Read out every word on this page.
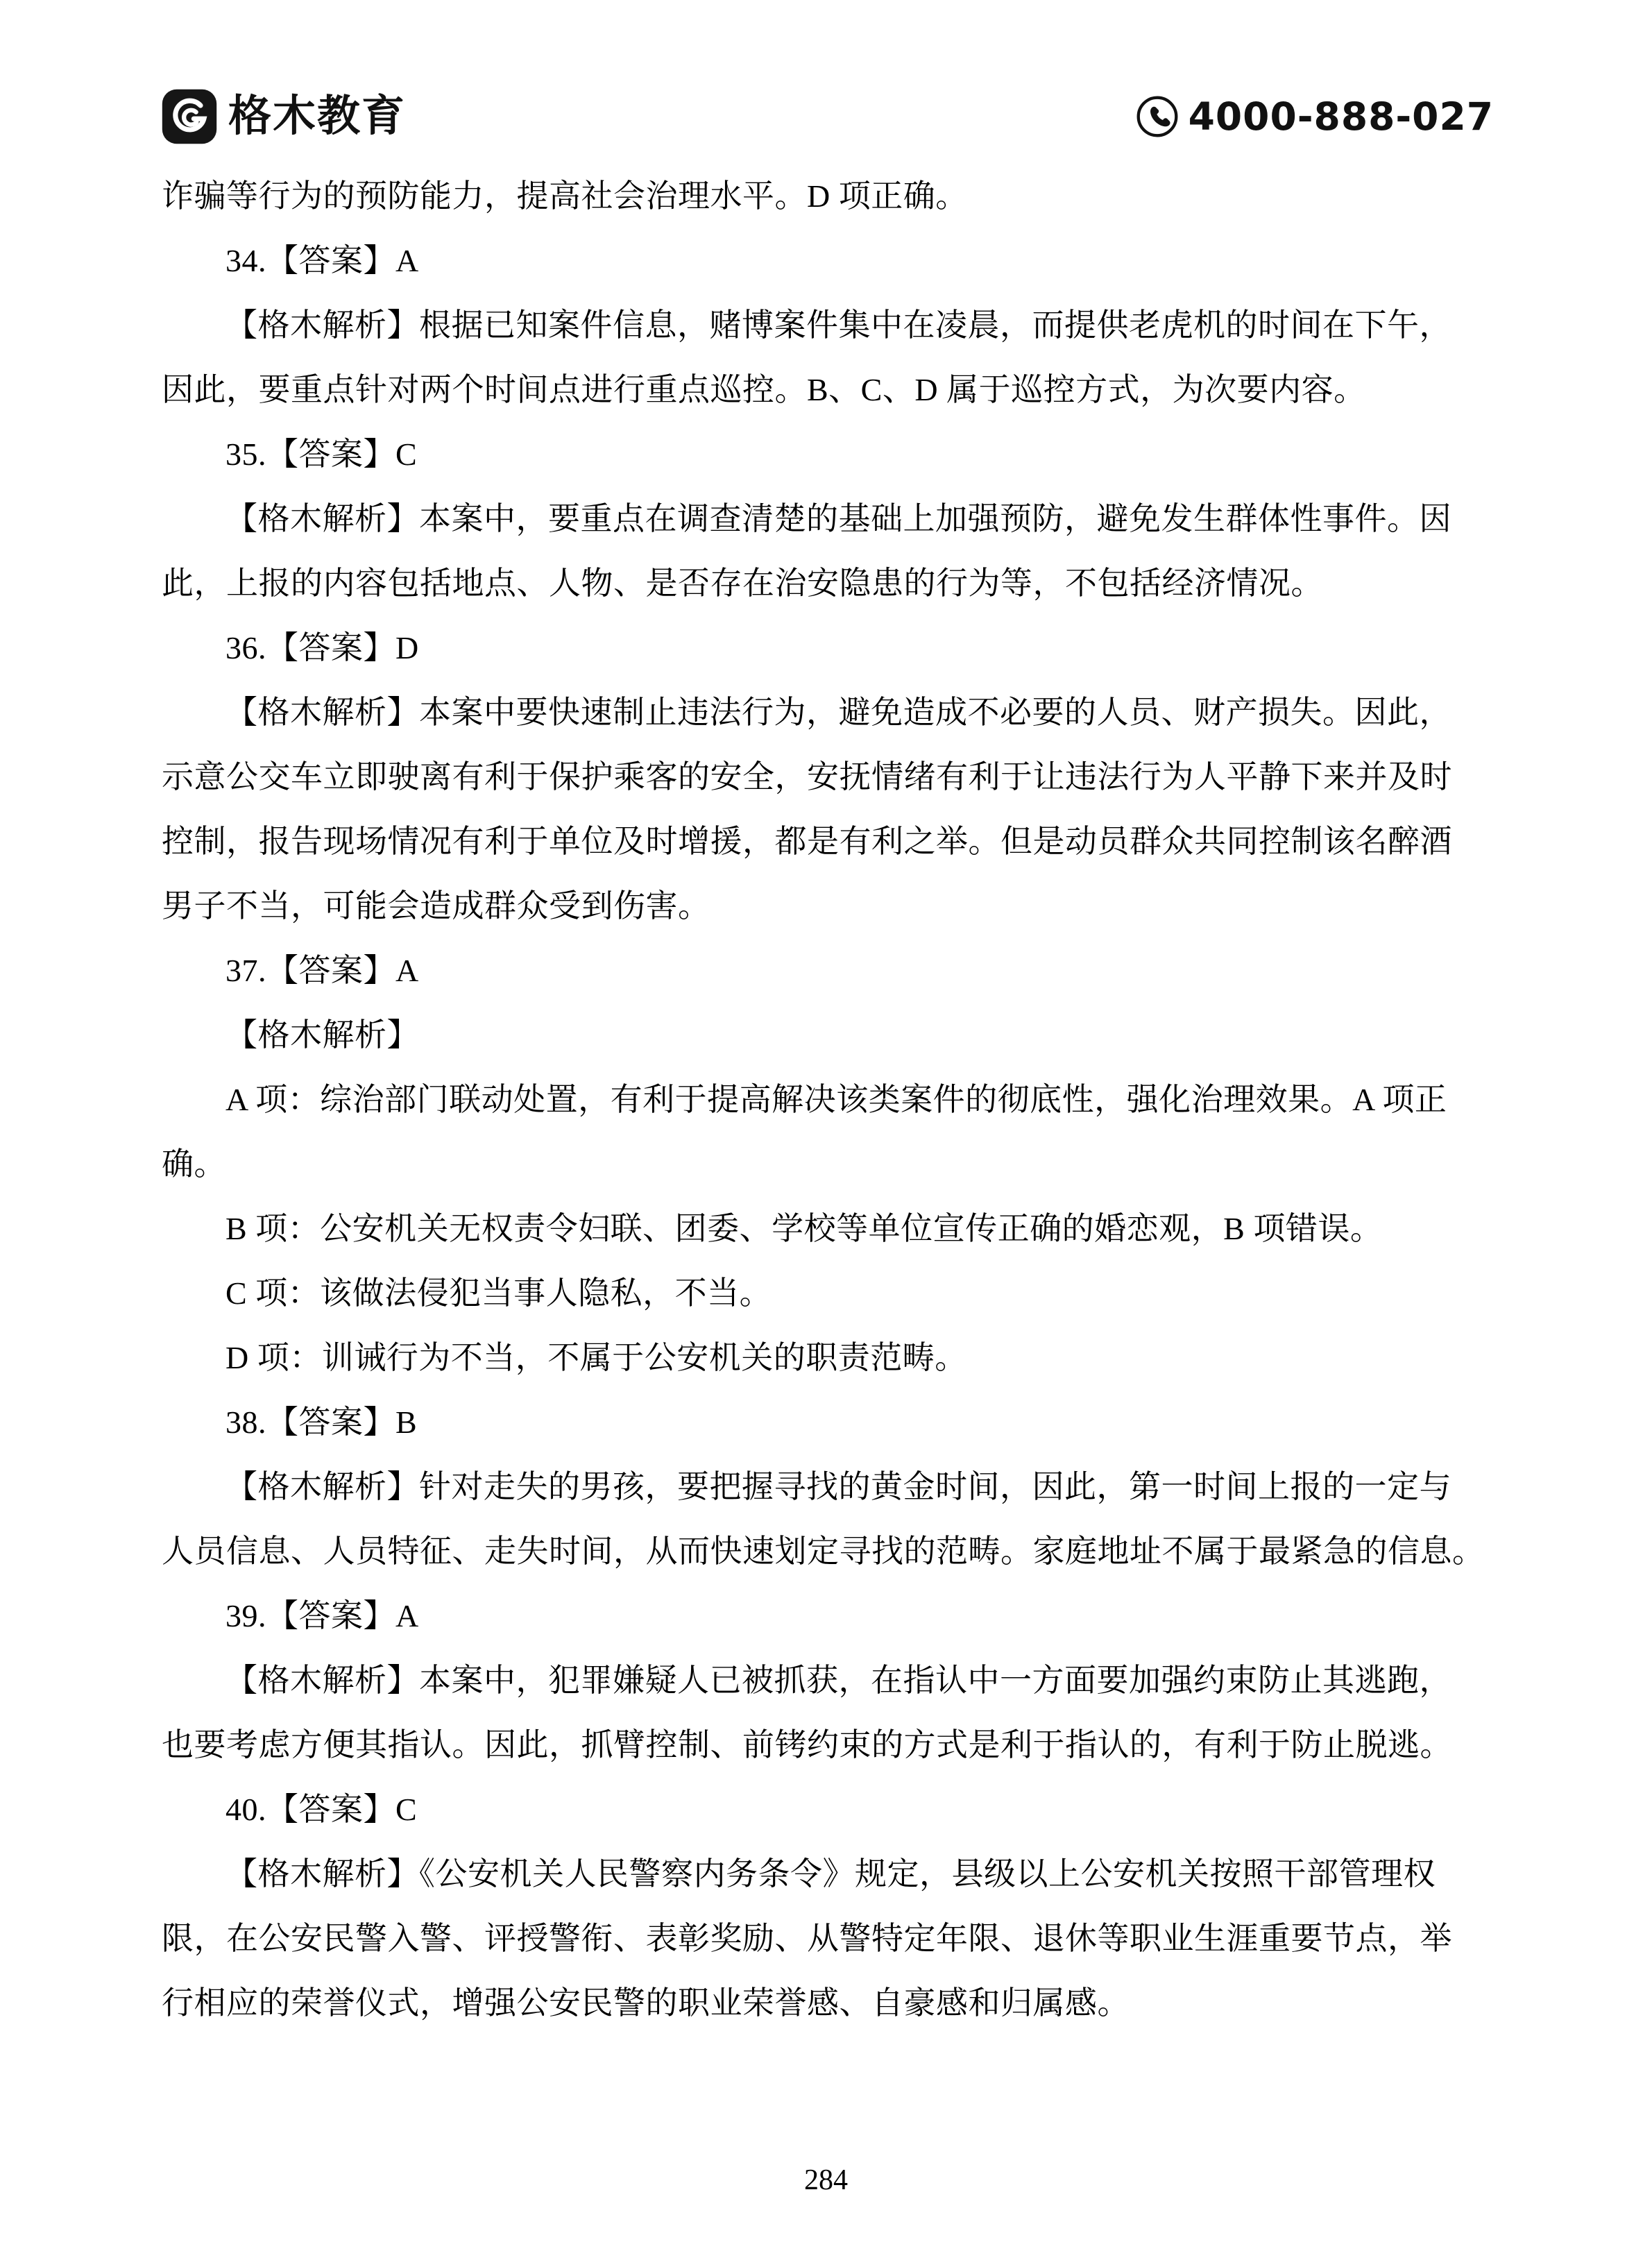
格木教育	4000-888-027

诈骗等行为的预防能力，提高社会治理水平。D 项正确。

34.【答案】A

【格木解析】根据已知案件信息，赌博案件集中在凌晨，而提供老虎机的时间在下午，

因此，要重点针对两个时间点进行重点巡控。B、C、D 属于巡控方式，为次要内容。

35.【答案】C

【格木解析】本案中，要重点在调查清楚的基础上加强预防，避免发生群体性事件。因

此，上报的内容包括地点、人物、是否存在治安隐患的行为等，不包括经济情况。

36.【答案】D

【格木解析】本案中要快速制止违法行为，避免造成不必要的人员、财产损失。因此，

示意公交车立即驶离有利于保护乘客的安全，安抚情绪有利于让违法行为人平静下来并及时

控制，报告现场情况有利于单位及时增援，都是有利之举。但是动员群众共同控制该名醉酒

男子不当，可能会造成群众受到伤害。

37.【答案】A

【格木解析】

A 项：综治部门联动处置，有利于提高解决该类案件的彻底性，强化治理效果。A 项正

确。

B 项：公安机关无权责令妇联、团委、学校等单位宣传正确的婚恋观，B 项错误。

C 项：该做法侵犯当事人隐私，不当。

D 项：训诫行为不当，不属于公安机关的职责范畴。

38.【答案】B

【格木解析】针对走失的男孩，要把握寻找的黄金时间，因此，第一时间上报的一定与

人员信息、人员特征、走失时间，从而快速划定寻找的范畴。家庭地址不属于最紧急的信息。

39.【答案】A

【格木解析】本案中，犯罪嫌疑人已被抓获，在指认中一方面要加强约束防止其逃跑，

也要考虑方便其指认。因此，抓臂控制、前铐约束的方式是利于指认的，有利于防止脱逃。

40.【答案】C

【格木解析】《公安机关人民警察内务条令》规定，县级以上公安机关按照干部管理权

限，在公安民警入警、评授警衔、表彰奖励、从警特定年限、退休等职业生涯重要节点，举

行相应的荣誉仪式，增强公安民警的职业荣誉感、自豪感和归属感。

284
